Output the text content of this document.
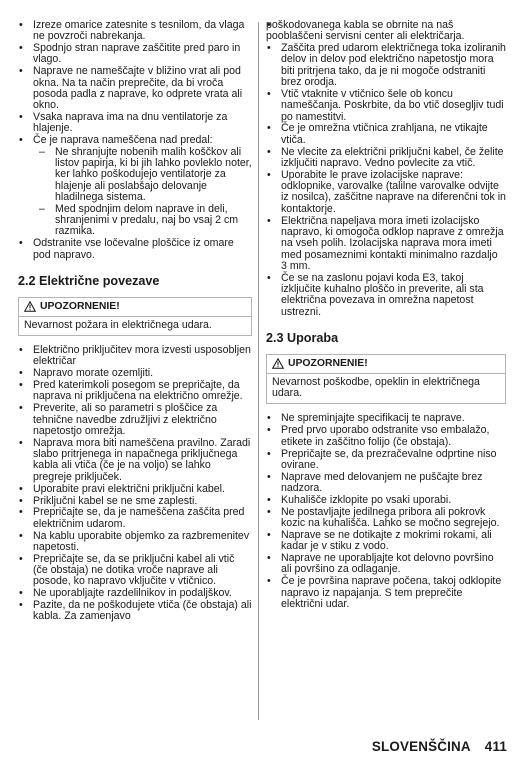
• Izreze omarice zatesnite s tesnilom, da vlaga ne povzroči nabrekanja.
• Spodnjo stran naprave zaščitite pred paro in vlago.
• Naprave ne nameščajte v bližino vrat ali pod okna. Na ta način preprečite, da bi vroča posoda padla z naprave, ko odprete vrata ali okno.
• Vsaka naprava ima na dnu ventilatorje za hlajenje.
• Če je naprava nameščena nad predal:
– Ne shranjujte nobenih malih koščkov ali listov papirja, ki bi jih lahko povleklo noter, ker lahko poškodujejo ventilatorje za hlajenje ali poslabšajo delovanje hladilnega sistema.
– Med spodnjim delom naprave in deli, shranjenimi v predalu, naj bo vsaj 2 cm razmika.
• Odstranite vse ločevalne ploščice iz omare pod napravo.
2.2 Električne povezave
UPOZORNENIE!
Nevarnost požara in električnega udara.
• Električno priključitev mora izvesti usposobljen električar
• Napravo morate ozemljiti.
• Pred katerimkoli posegom se prepričajte, da naprava ni priključena na električno omrežje.
• Preverite, ali so parametri s ploščice za tehnične navedbe združljivi z električno napetostjo omrežja.
• Naprava mora biti nameščena pravilno. Zaradi slabo pritrjenega in napačnega priključnega kabla ali vtiča (če je na voljo) se lahko pregreje priključek.
• Uporabite pravi električni priključni kabel.
• Priključni kabel se ne sme zaplesti.
• Prepričajte se, da je nameščena zaščita pred električnim udarom.
• Na kablu uporabite objemko za razbremenitev napetosti.
• Prepričajte se, da se priključni kabel ali vtič (če obstaja) ne dotika vroče naprave ali posode, ko napravo vključite v vtičnico.
• Ne uporabljajte razdelilnikov in podaljškov.
• Pazite, da ne poškodujete vtiča (če obstaja) ali kabla. Za zamenjavo
• poškodovanega kabla se obrnite na naš pooblaščeni servisni center ali električarja.
• Zaščita pred udarom električnega toka izoliranih delov in delov pod električno napetostjo mora biti pritrjena tako, da je ni mogoče odstraniti brez orodja.
• Vtič vtaknite v vtičnico šele ob koncu nameščanja. Poskrbite, da bo vtič dosegljiv tudi po namestitvi.
• Če je omrežna vtičnica zrahljana, ne vtikajte vtiča.
• Ne vlecite za električni priključni kabel, če želite izključiti napravo. Vedno povlecite za vtič.
• Uporabite le prave izolacijske naprave: odklopnike, varovalke (talilne varovalke odvijte iz nosilca), zaščitne naprave na diferenčni tok in kontaktorje.
• Električna napeljava mora imeti izolacijsko napravo, ki omogoča odklop naprave z omrežja na vseh polih. Izolacijska naprava mora imeti med posameznimi kontakti minimalno razdaljo 3 mm.
• Če se na zaslonu pojavi koda E3, takoj izključite kuhalno ploščo in preverite, ali sta električna povezava in omrežna napetost ustrezni.
2.3 Uporaba
UPOZORNENIE!
Nevarnost poškodbe, opeklin in električnega udara.
• Ne spreminjajte specifikacij te naprave.
• Pred prvo uporabo odstranite vso embalažo, etikete in zaščitno folijo (če obstaja).
• Prepričajte se, da prezračevalne odprtine niso ovirane.
• Naprave med delovanjem ne puščajte brez nadzora.
• Kuhališče izklopite po vsaki uporabi.
• Ne postavljajte jedilnega pribora ali pokrovk kozic na kuhališča. Lahko se močno segrejejo.
• Naprave se ne dotikajte z mokrimi rokami, ali kadar je v stiku z vodo.
• Naprave ne uporabljajte kot delovno površino ali površino za odlaganje.
• Če je površina naprave počena, takoj odklopite napravo iz napajanja. S tem preprečite električni udar.
SLOVENŠČINA 411
